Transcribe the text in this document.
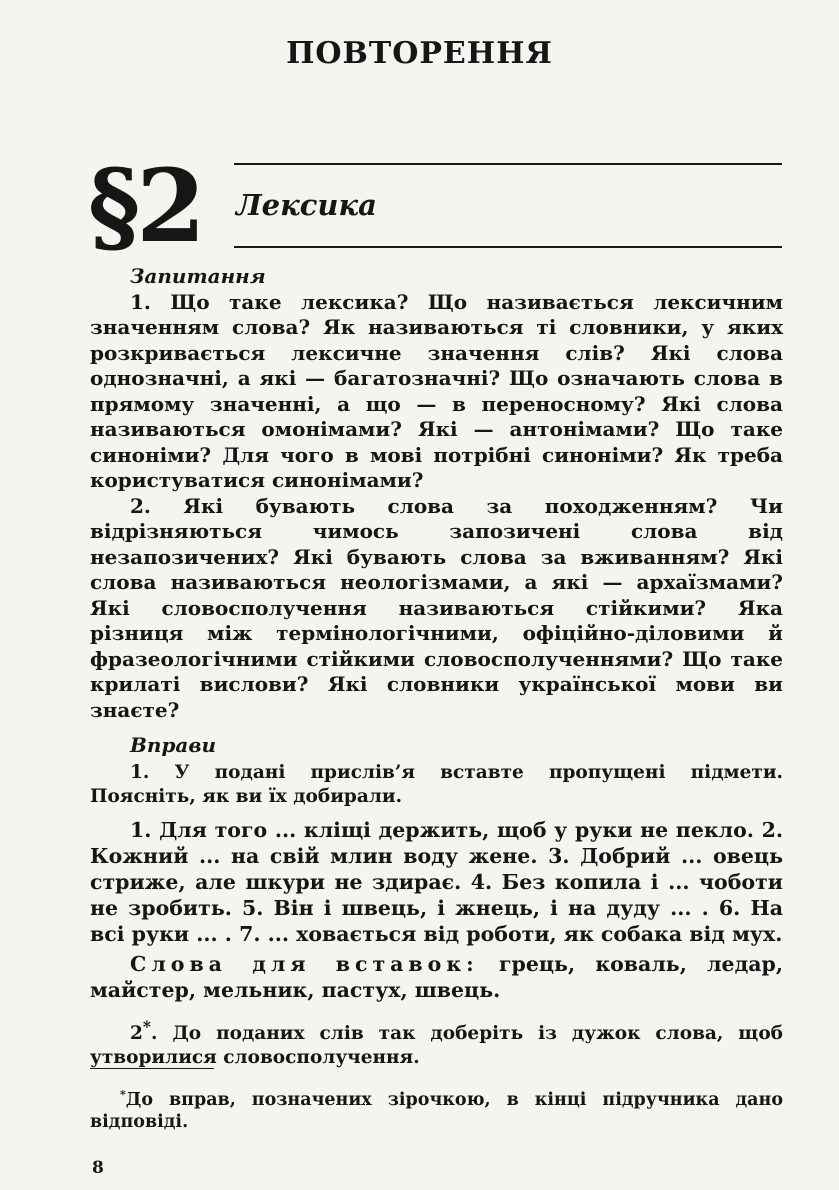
ПОВТОРЕННЯ
§2 Лексика
Запитання

1. Що таке лексика? Що називається лексичним значенням слова? Як називаються ті словники, у яких розкривається лексичне значення слів? Які слова однозначні, а які — багатозначні? Що означають слова в прямому значенні, а що — в переносному? Які слова називаються омонімами? Які — антонімами? Що таке синоніми? Для чого в мові потрібні синоніми? Як треба користуватися синонімами?

2. Які бувають слова за походженням? Чи відрізняються чимось запозичені слова від незапозичених? Які бувають слова за вживанням? Які слова називаються неологізмами, а які — архаїзмами? Які словосполучення називаються стійкими? Яка різниця між термінологічними, офіційно-діловими й фразеологічними стійкими словосполученнями? Що таке крилаті вислови? Які словники української мови ви знаєте?

Вправи

1. У подані прислів’я вставте пропущені підмети. Поясніть, як ви їх добирали.

1. Для того ... кліщі держить, щоб у руки не пекло. 2. Кожний ... на свій млин воду жене. 3. Добрий ... овець стриже, але шкури не здирає. 4. Без копила і ... чоботи не зробить. 5. Він і швець, і жнець, і на дуду ... . 6. На всі руки ... . 7. ... ховається від роботи, як собака від мух.

Слова для вставок: грець, коваль, ледар, майстер, мельник, пастух, швець.

2*. До поданих слів так доберіть із дужок слова, щоб утворилися словосполучення.

*До вправ, позначених зірочкою, в кінці підручника дано відповіді.
8
